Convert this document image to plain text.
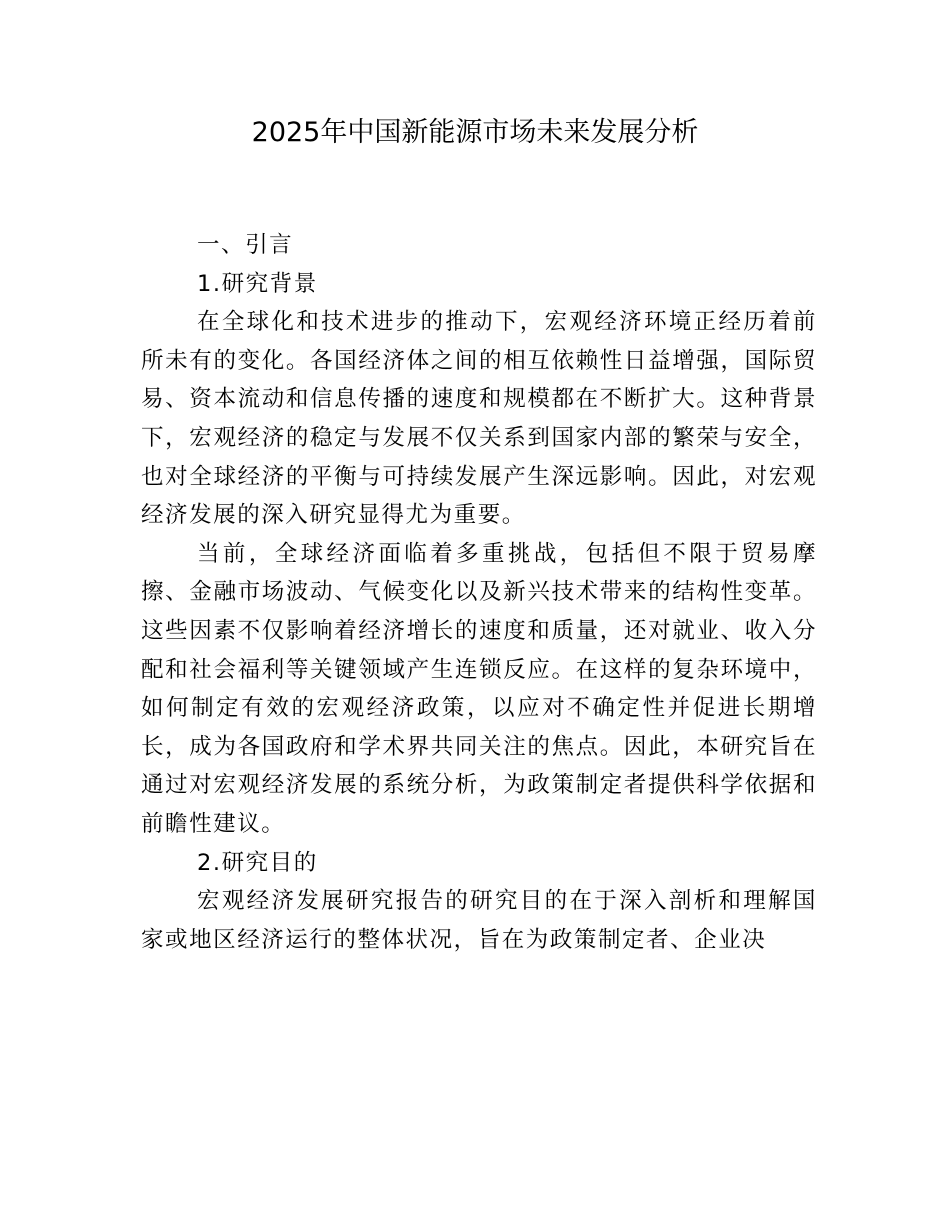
2025年中国新能源市场未来发展分析
一、引言
1.研究背景

在全球化和技术进步的推动下，宏观经济环境正经历着前所未有的变化。各国经济体之间的相互依赖性日益增强，国际贸易、资本流动和信息传播的速度和规模都在不断扩大。这种背景下，宏观经济的稳定与发展不仅关系到国家内部的繁荣与安全，也对全球经济的平衡与可持续发展产生深远影响。因此，对宏观经济发展的深入研究显得尤为重要。

当前，全球经济面临着多重挑战，包括但不限于贸易摩擦、金融市场波动、气候变化以及新兴技术带来的结构性变革。这些因素不仅影响着经济增长的速度和质量，还对就业、收入分配和社会福利等关键领域产生连锁反应。在这样的复杂环境中，如何制定有效的宏观经济政策，以应对不确定性并促进长期增长，成为各国政府和学术界共同关注的焦点。因此，本研究旨在通过对宏观经济发展的系统分析，为政策制定者提供科学依据和前瞻性建议。

2.研究目的

宏观经济发展研究报告的研究目的在于深入剖析和理解国家或地区经济运行的整体状况，旨在为政策制定者、企业决
